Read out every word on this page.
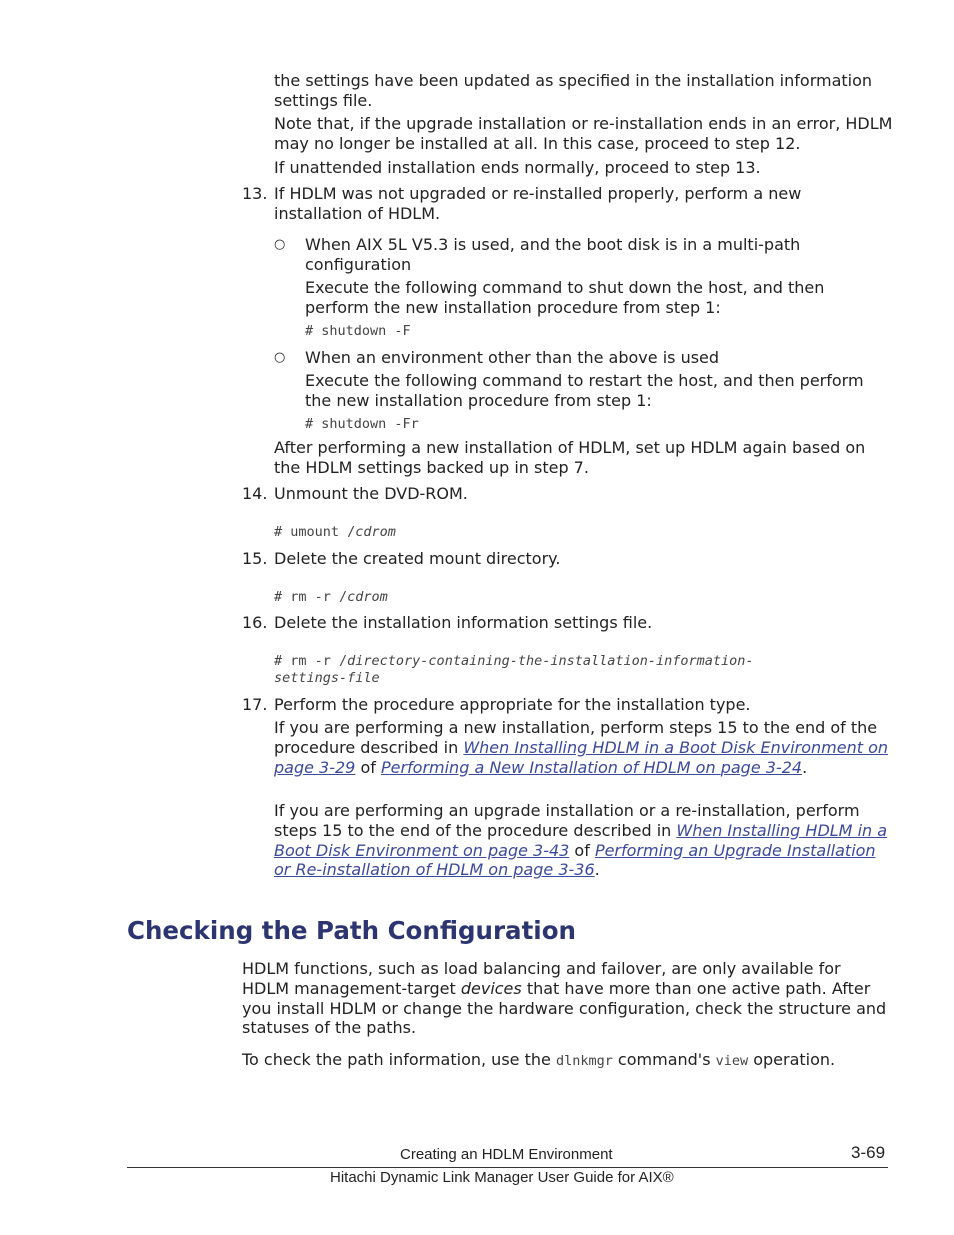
the settings have been updated as specified in the installation information settings file.

Note that, if the upgrade installation or re-installation ends in an error, HDLM may no longer be installed at all. In this case, proceed to step 12.

If unattended installation ends normally, proceed to step 13.

13. If HDLM was not upgraded or re-installed properly, perform a new installation of HDLM.

○ When AIX 5L V5.3 is used, and the boot disk is in a multi-path configuration

Execute the following command to shut down the host, and then perform the new installation procedure from step 1:

# shutdown -F
○ When an environment other than the above is used

Execute the following command to restart the host, and then perform the new installation procedure from step 1:

# shutdown -Fr

After performing a new installation of HDLM, set up HDLM again based on the HDLM settings backed up in step 7.

14. Unmount the DVD-ROM.

# umount /cdrom
15. Delete the created mount directory.

# rm -r /cdrom
16. Delete the installation information settings file.

# rm -r /directory-containing-the-installation-information-
settings-file
17. Perform the procedure appropriate for the installation type.

If you are performing a new installation, perform steps 15 to the end of the procedure described in When Installing HDLM in a Boot Disk Environment on page 3-29 of Performing a New Installation of HDLM on page 3-24.
If you are performing an upgrade installation or a re-installation, perform steps 15 to the end of the procedure described in When Installing HDLM in a Boot Disk Environment on page 3-43 of Performing an Upgrade Installation or Re-installation of HDLM on page 3-36.
Checking the Path Configuration
HDLM functions, such as load balancing and failover, are only available for HDLM management-target devices that have more than one active path. After you install HDLM or change the hardware configuration, check the structure and statuses of the paths.
To check the path information, use the dlnkmgr command's view operation.
Creating an HDLM Environment	3-69
Hitachi Dynamic Link Manager User Guide for AIX®
